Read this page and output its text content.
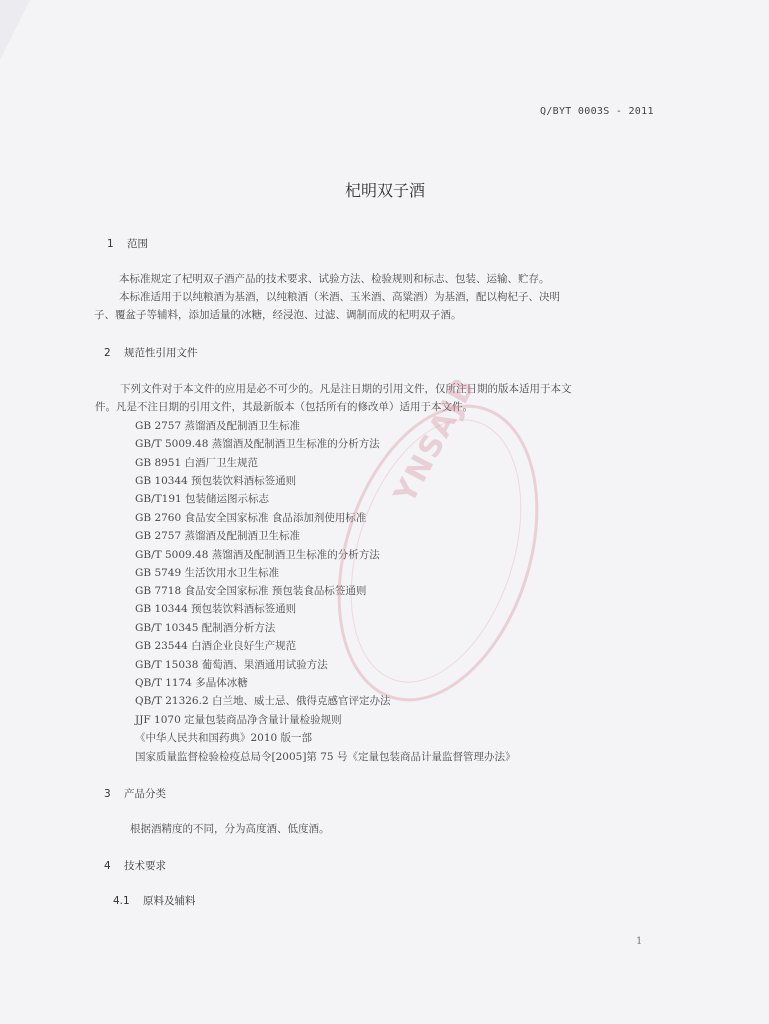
Q/BYT 0003S - 2011
杞明双子酒
1 范围
本标准规定了杞明双子酒产品的技术要求、试验方法、检验规则和标志、包装、运输、贮存。
本标准适用于以纯粮酒为基酒，以纯粮酒（米酒、玉米酒、高粱酒）为基酒，配以枸杞子、决明
子、覆盆子等辅料，添加适量的冰糖，经浸泡、过滤、调制而成的杞明双子酒。
2 规范性引用文件
下列文件对于本文件的应用是必不可少的。凡是注日期的引用文件，仅所注日期的版本适用于本文
件。凡是不注日期的引用文件，其最新版本（包括所有的修改单）适用于本文件。
GB 2757 蒸馏酒及配制酒卫生标准
GB/T 5009.48 蒸馏酒及配制酒卫生标准的分析方法
GB 8951 白酒厂卫生规范
GB 10344 预包装饮料酒标签通则
GB/T191 包装储运图示标志
GB 2760 食品安全国家标准 食品添加剂使用标准
GB 2757 蒸馏酒及配制酒卫生标准
GB/T 5009.48 蒸馏酒及配制酒卫生标准的分析方法
GB 5749 生活饮用水卫生标准
GB 7718 食品安全国家标准 预包装食品标签通则
GB 10344 预包装饮料酒标签通则
GB/T 10345 配制酒分析方法
GB 23544 白酒企业良好生产规范
GB/T 15038 葡萄酒、果酒通用试验方法
QB/T 1174 多晶体冰糖
QB/T 21326.2 白兰地、威士忌、俄得克感官评定办法
JJF 1070 定量包装商品净含量计量检验规则
《中华人民共和国药典》2010 版一部
国家质量监督检验检疫总局令[2005]第 75 号《定量包装商品计量监督管理办法》
3 产品分类
根据酒精度的不同，分为高度酒、低度酒。
4 技术要求
4.1 原料及辅料
1
